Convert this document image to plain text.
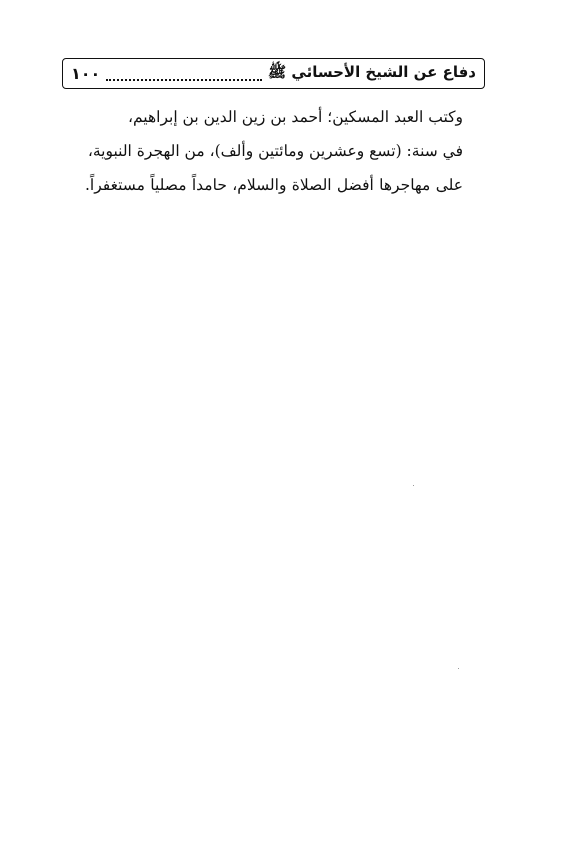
١٠٠	دفاع عن الشيخ الأحسائي ﷺ
وكتب العبد المسكين؛ أحمد بن زين الدين بن إبراهيم،
في سنة: (تسع وعشرين ومائتين وألف)، من الهجرة النبوية،
على مهاجرها أفضل الصلاة والسلام، حامداً مصلياً مستغفراً.
